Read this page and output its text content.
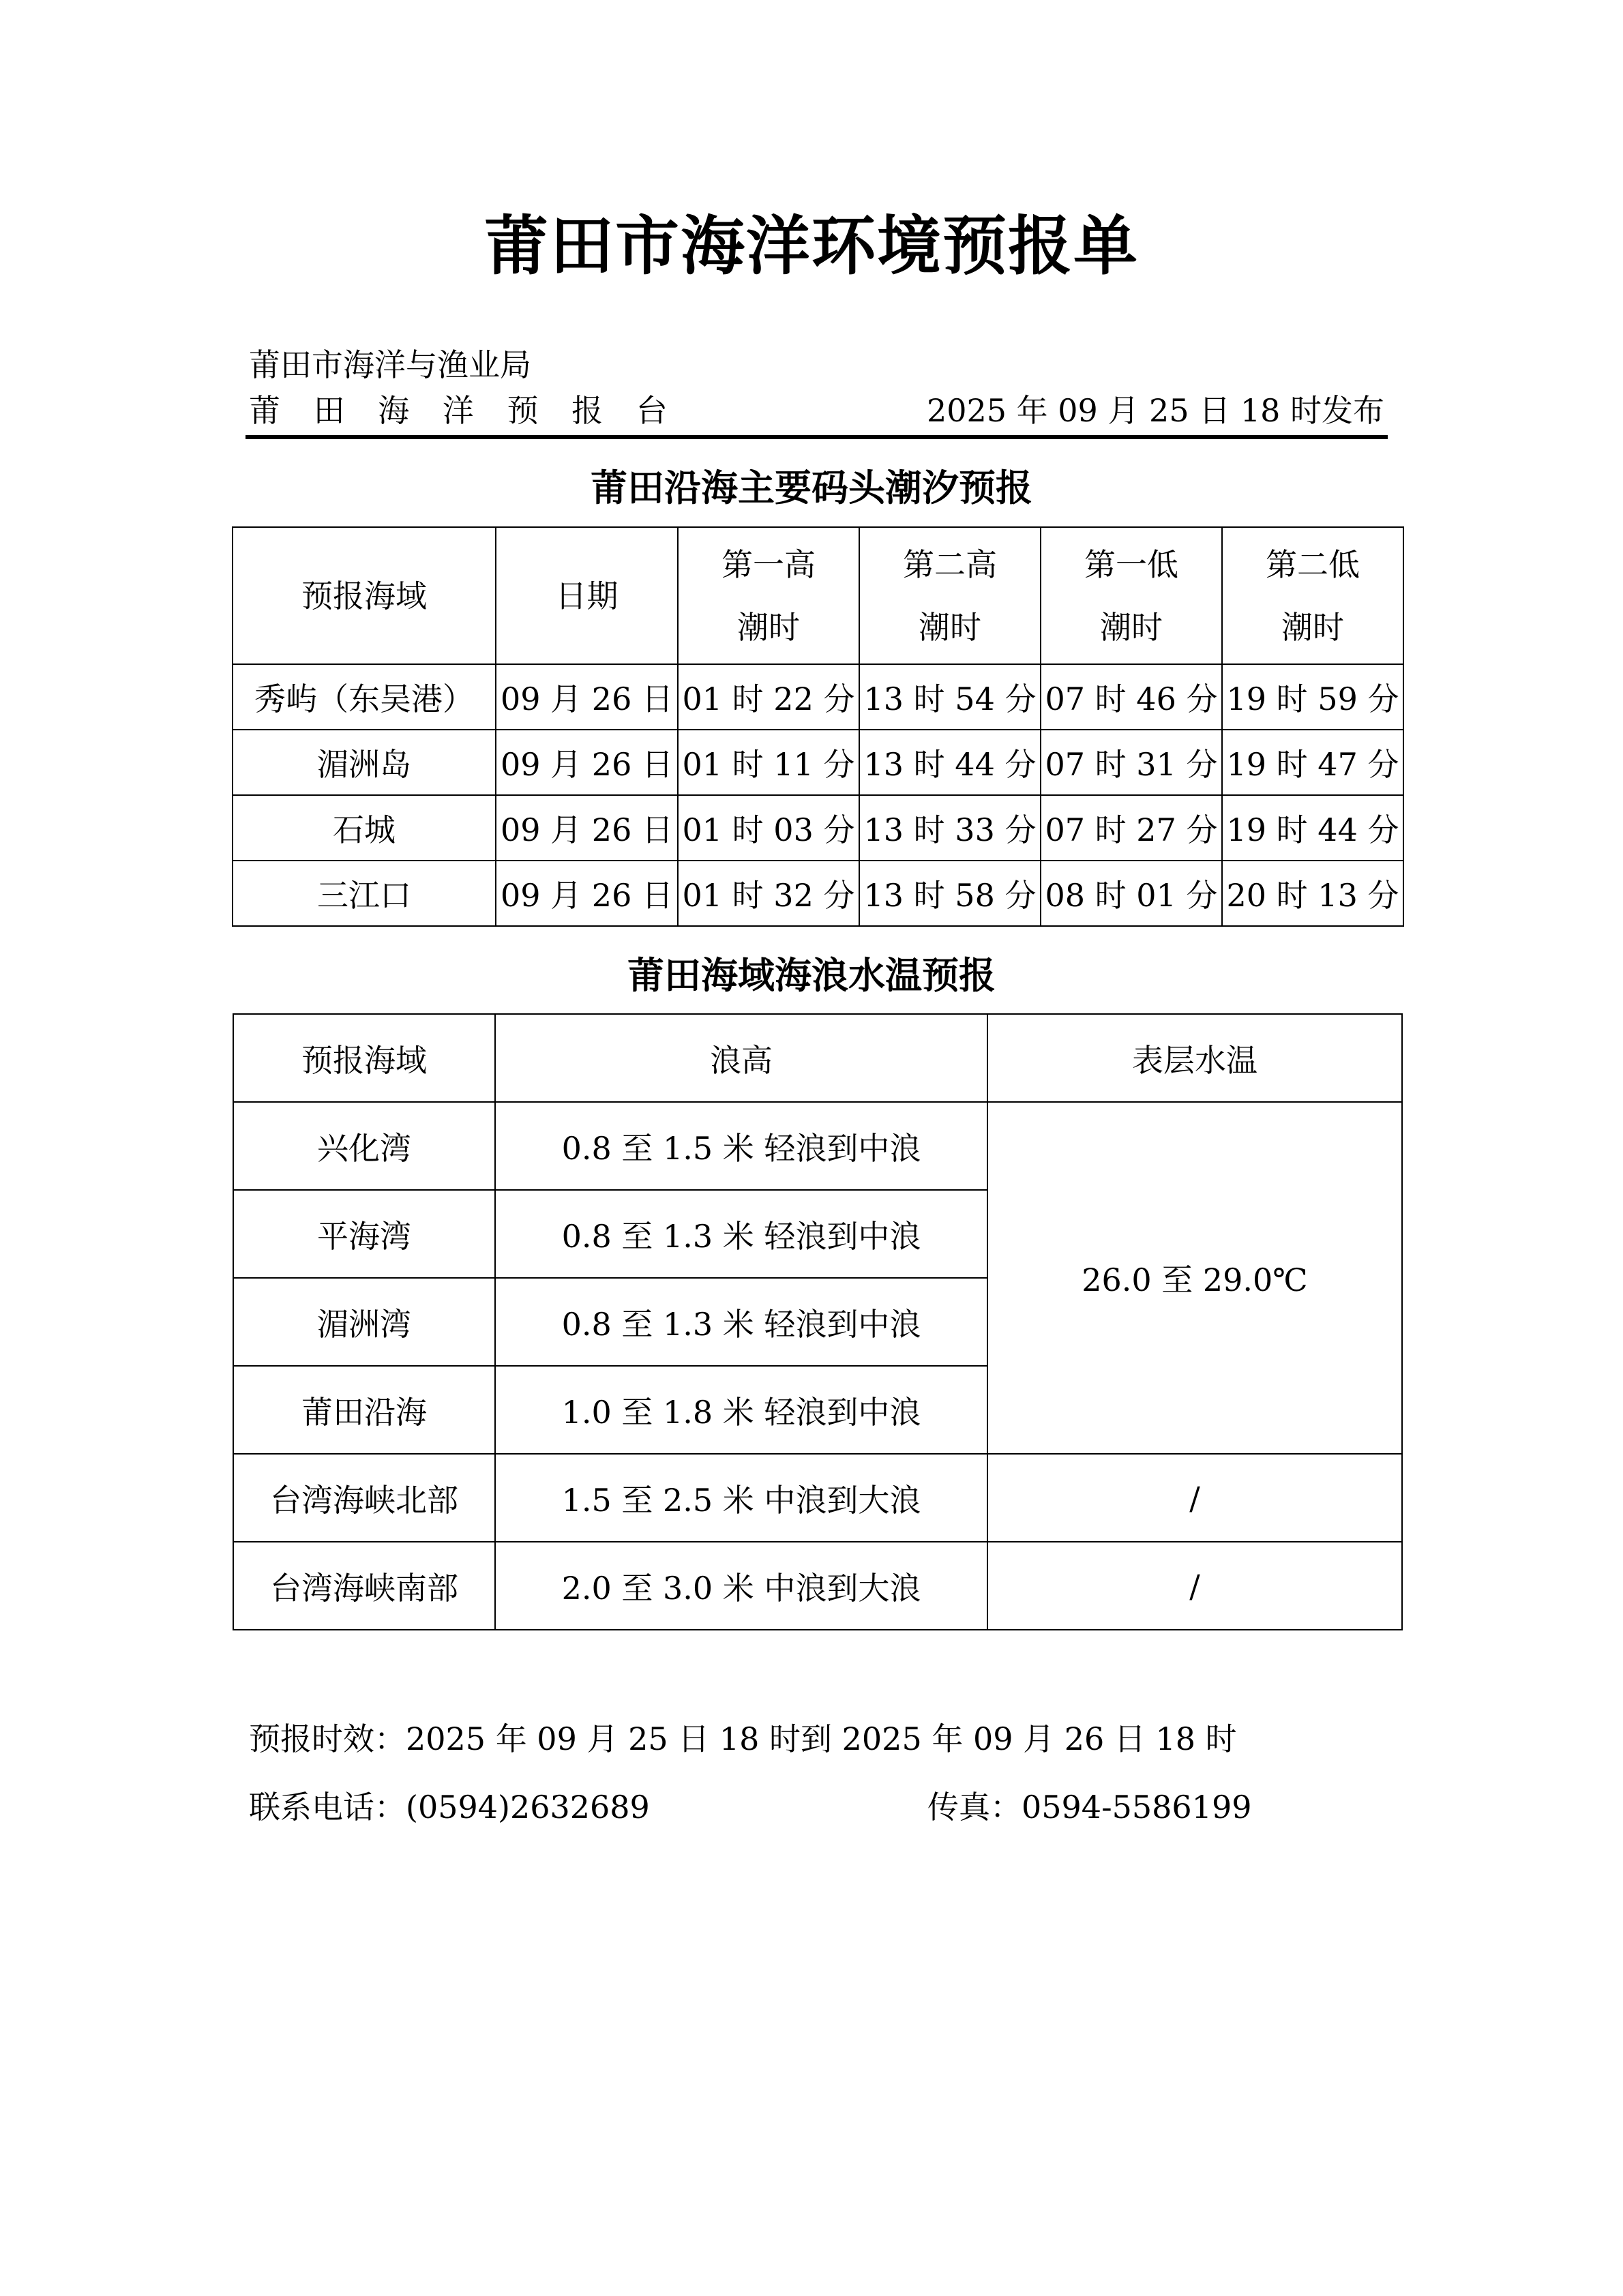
莆田市海洋环境预报单
莆田市海洋与渔业局
莆 田 海 洋 预 报 台	2025 年 09 月 25 日 18 时发布
莆田沿海主要码头潮汐预报
预报海域	日期	第一高潮时	第二高潮时	第一低潮时	第二低潮时
秀屿（东吴港）	09 月 26 日	01 时 22 分	13 时 54 分	07 时 46 分	19 时 59 分
湄洲岛	09 月 26 日	01 时 11 分	13 时 44 分	07 时 31 分	19 时 47 分
石城	09 月 26 日	01 时 03 分	13 时 33 分	07 时 27 分	19 时 44 分
三江口	09 月 26 日	01 时 32 分	13 时 58 分	08 时 01 分	20 时 13 分
莆田海域海浪水温预报
预报海域	浪高	表层水温
兴化湾	0.8 至 1.5 米 轻浪到中浪	26.0 至 29.0℃
平海湾	0.8 至 1.3 米 轻浪到中浪	
湄洲湾	0.8 至 1.3 米 轻浪到中浪	
莆田沿海	1.0 至 1.8 米 轻浪到中浪	
台湾海峡北部	1.5 至 2.5 米 中浪到大浪	/
台湾海峡南部	2.0 至 3.0 米 中浪到大浪	/
预报时效：2025 年 09 月 25 日 18 时到 2025 年 09 月 26 日 18 时
联系电话：(0594)2632689	传真：0594-5586199
